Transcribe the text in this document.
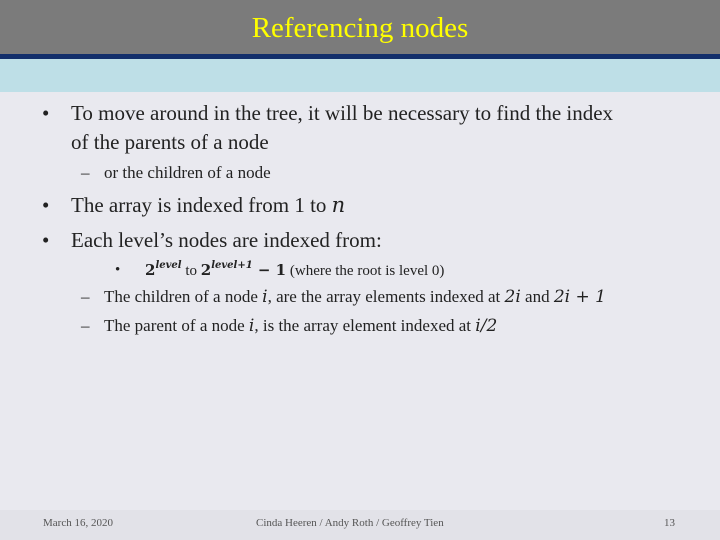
Referencing nodes
• To move around in the tree, it will be necessary to find the index
of the parents of a node
– or the children of a node
• The array is indexed from 1 to n
• Each level’s nodes are indexed from:
• $2^{level}$ to $2^{level+1} - 1$ (where the root is level 0)
– The children of a node i, are the array elements indexed at 2i and 2i + 1
– The parent of a node i, is the array element indexed at i/2
March 16, 2020	Cinda Heeren / Andy Roth / Geoffrey Tien	13
